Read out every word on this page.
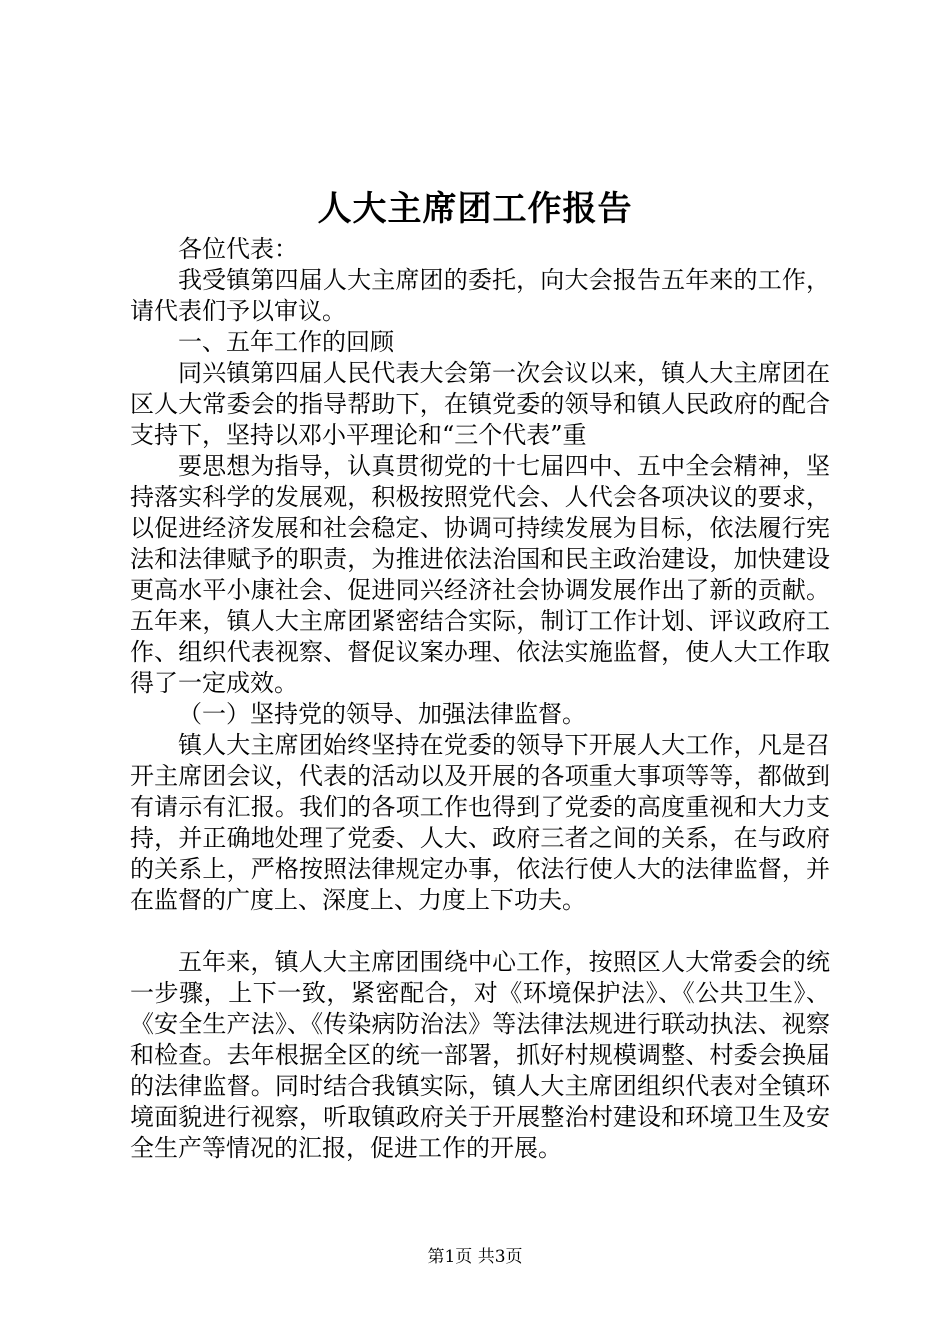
人大主席团工作报告

各位代表：

我受镇第四届人大主席团的委托，向大会报告五年来的工作，请代表们予以审议。

一、五年工作的回顾

同兴镇第四届人民代表大会第一次会议以来，镇人大主席团在区人大常委会的指导帮助下，在镇党委的领导和镇人民政府的配合支持下，坚持以邓小平理论和“三个代表”重

要思想为指导，认真贯彻党的十七届四中、五中全会精神，坚持落实科学的发展观，积极按照党代会、人代会各项决议的要求，以促进经济发展和社会稳定、协调可持续发展为目标，依法履行宪法和法律赋予的职责，为推进依法治国和民主政治建设，加快建设更高水平小康社会、促进同兴经济社会协调发展作出了新的贡献。五年来，镇人大主席团紧密结合实际，制订工作计划、评议政府工作、组织代表视察、督促议案办理、依法实施监督，使人大工作取得了一定成效。

（一）坚持党的领导、加强法律监督。

镇人大主席团始终坚持在党委的领导下开展人大工作，凡是召开主席团会议，代表的活动以及开展的各项重大事项等等，都做到有请示有汇报。我们的各项工作也得到了党委的高度重视和大力支持，并正确地处理了党委、人大、政府三者之间的关系，在与政府的关系上，严格按照法律规定办事，依法行使人大的法律监督，并在监督的广度上、深度上、力度上下功夫。

五年来，镇人大主席团围绕中心工作，按照区人大常委会的统一步骤，上下一致，紧密配合，对《环境保护法》、《公共卫生》、《安全生产法》、《传染病防治法》等法律法规进行联动执法、视察和检查。去年根据全区的统一部署，抓好村规模调整、村委会换届的法律监督。同时结合我镇实际，镇人大主席团组织代表对全镇环境面貌进行视察，听取镇政府关于开展整治村建设和环境卫生及安全生产等情况的汇报，促进工作的开展。

第1页 共3页
